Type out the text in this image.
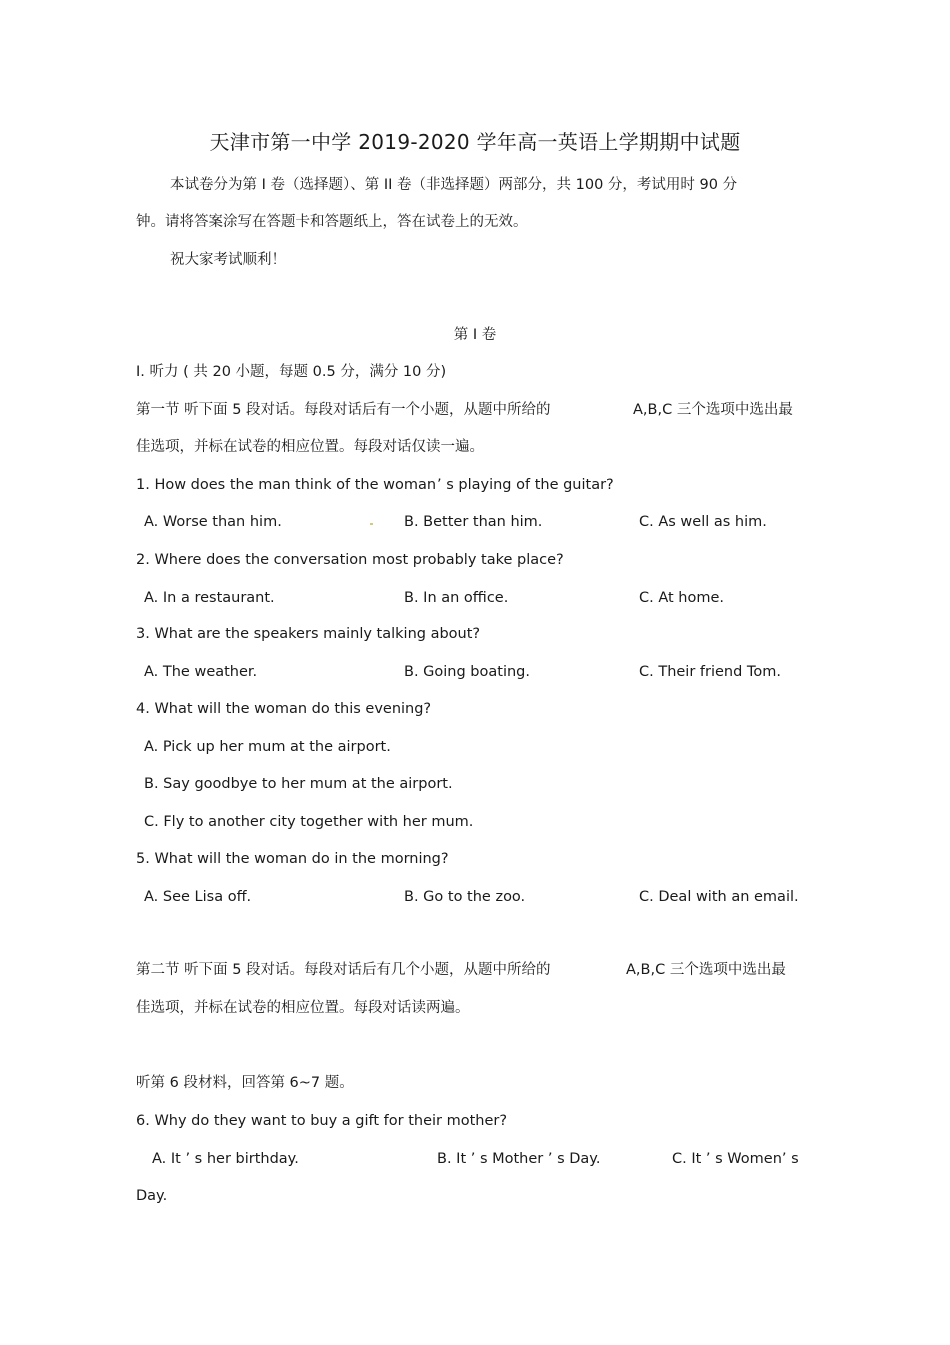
天津市第一中学 2019-2020 学年高一英语上学期期中试题
本试卷分为第 I 卷（选择题）、第 II 卷（非选择题）两部分，共 100 分，考试用时 90 分
钟。请将答案涂写在答题卡和答题纸上，答在试卷上的无效。
祝大家考试顺利！
第 I 卷
I. 听力 ( 共 20 小题，每题 0.5 分，满分 10 分)
第一节 听下面 5 段对话。每段对话后有一个小题，从题中所给的	A,B,C 三个选项中选出最
佳选项，并标在试卷的相应位置。每段对话仅读一遍。
1. How does the man think of the woman ’ s playing of the guitar?
A. Worse than him.	B. Better than him.	C. As well as him.
2. Where does the conversation most probably take place?
A. In a restaurant.	B. In an office.	C. At home.
3. What are the speakers mainly talking about?
A. The weather.	B. Going boating.	C. Their friend Tom.
4. What will the woman do this evening?
A. Pick up her mum at the airport.
B. Say goodbye to her mum at the airport.
C. Fly to another city together with her mum.
5. What will the woman do in the morning?
A. See Lisa off.	B. Go to the zoo.	C. Deal with an email.
第二节 听下面 5 段对话。每段对话后有几个小题，从题中所给的	A,B,C 三个选项中选出最
佳选项，并标在试卷的相应位置。每段对话读两遍。
听第 6 段材料，回答第 6~7 题。
6. Why do they want to buy a gift for their mother?
A. It ’ s her birthday.	B. It ’ s Mother ’ s Day.	C. It ’ s Women’ s
Day.
